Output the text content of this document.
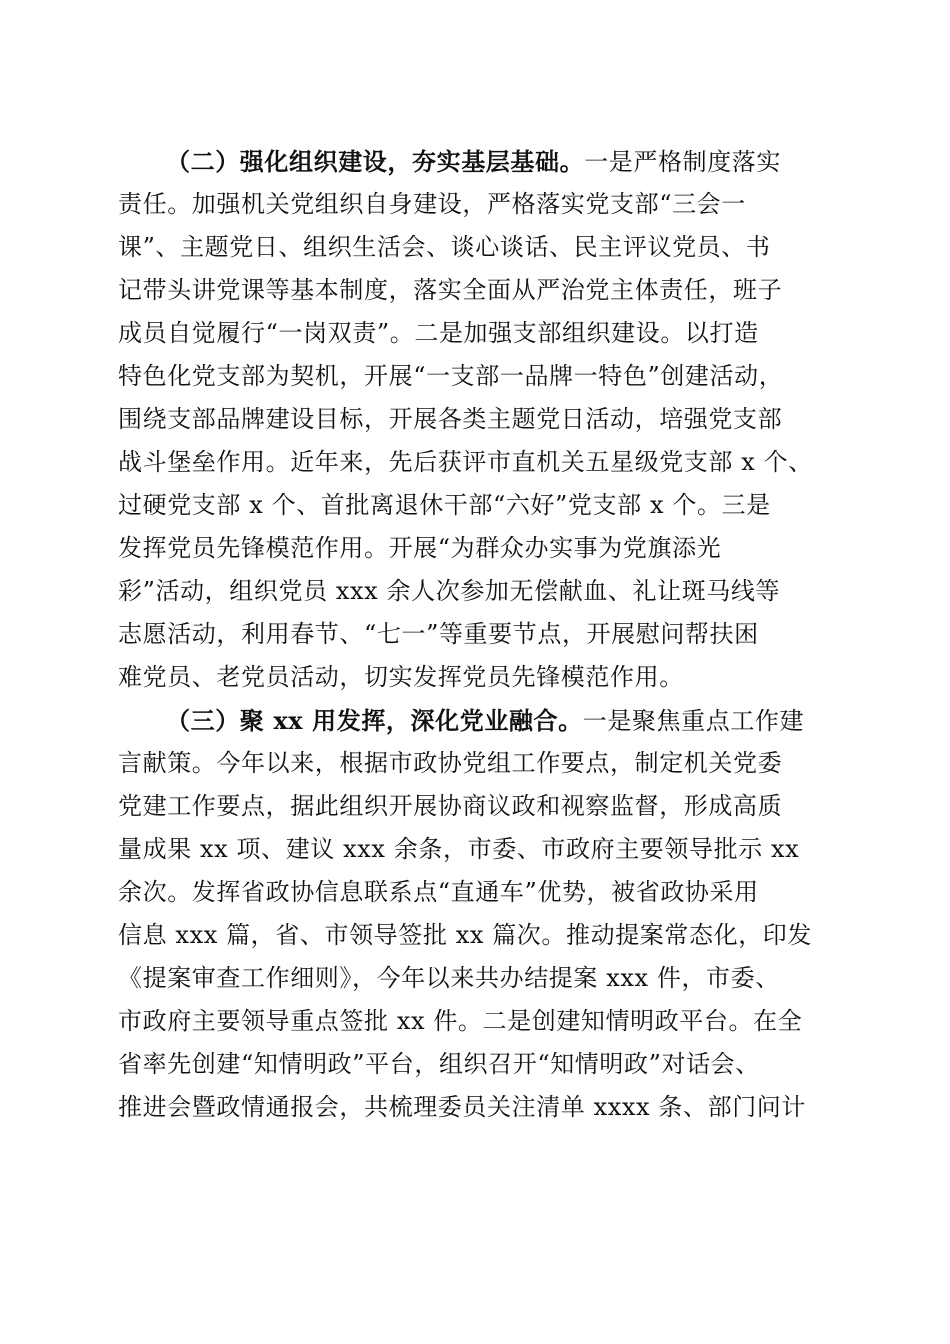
（二）强化组织建设，夯实基层基础。一是严格制度落实
责任。加强机关党组织自身建设，严格落实党支部“三会一
课”、主题党日、组织生活会、谈心谈话、民主评议党员、书
记带头讲党课等基本制度，落实全面从严治党主体责任，班子
成员自觉履行“一岗双责”。二是加强支部组织建设。以打造
特色化党支部为契机，开展“一支部一品牌一特色”创建活动，
围绕支部品牌建设目标，开展各类主题党日活动，培强党支部
战斗堡垒作用。近年来，先后获评市直机关五星级党支部 x 个、
过硬党支部 x 个、首批离退休干部“六好”党支部 x 个。三是
发挥党员先锋模范作用。开展“为群众办实事为党旗添光
彩”活动，组织党员 xxx 余人次参加无偿献血、礼让斑马线等
志愿活动，利用春节、“七一”等重要节点，开展慰问帮扶困
难党员、老党员活动，切实发挥党员先锋模范作用。
（三）聚 xx 用发挥，深化党业融合。一是聚焦重点工作建
言献策。今年以来，根据市政协党组工作要点，制定机关党委
党建工作要点，据此组织开展协商议政和视察监督，形成高质
量成果 xx 项、建议 xxx 余条，市委、市政府主要领导批示 xx
余次。发挥省政协信息联系点“直通车”优势，被省政协采用
信息 xxx 篇，省、市领导签批 xx 篇次。推动提案常态化，印发
《提案审查工作细则》，今年以来共办结提案 xxx 件，市委、
市政府主要领导重点签批 xx 件。二是创建知情明政平台。在全
省率先创建“知情明政”平台，组织召开“知情明政”对话会、
推进会暨政情通报会，共梳理委员关注清单 xxxx 条、部门问计
